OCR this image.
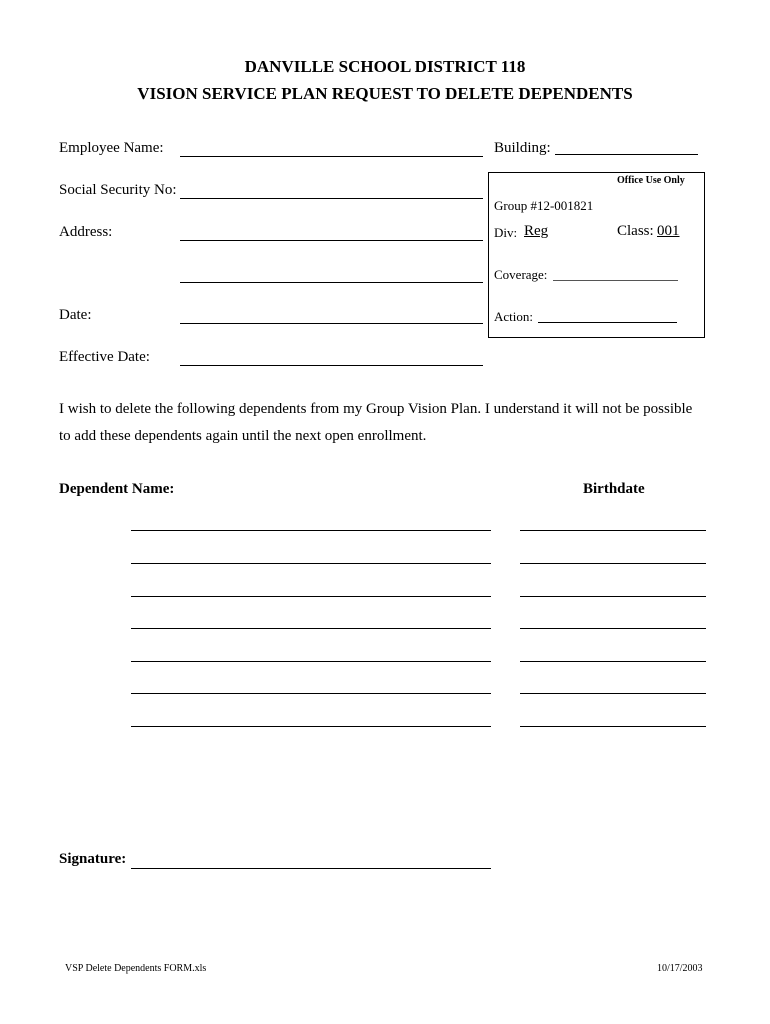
DANVILLE SCHOOL DISTRICT 118
VISION SERVICE PLAN REQUEST TO DELETE DEPENDENTS
Employee Name:	Building:
Social Security No:
Address:
Date:
Effective Date:
Office Use Only
Group #12-001821
Div: Reg	Class: 001
Coverage:
Action:
I wish to delete the following dependents from my Group Vision Plan. I understand it will not be possible
to add these dependents again until the next open enrollment.
Dependent Name:	Birthdate
Signature:
VSP Delete Dependents FORM.xls	10/17/2003
